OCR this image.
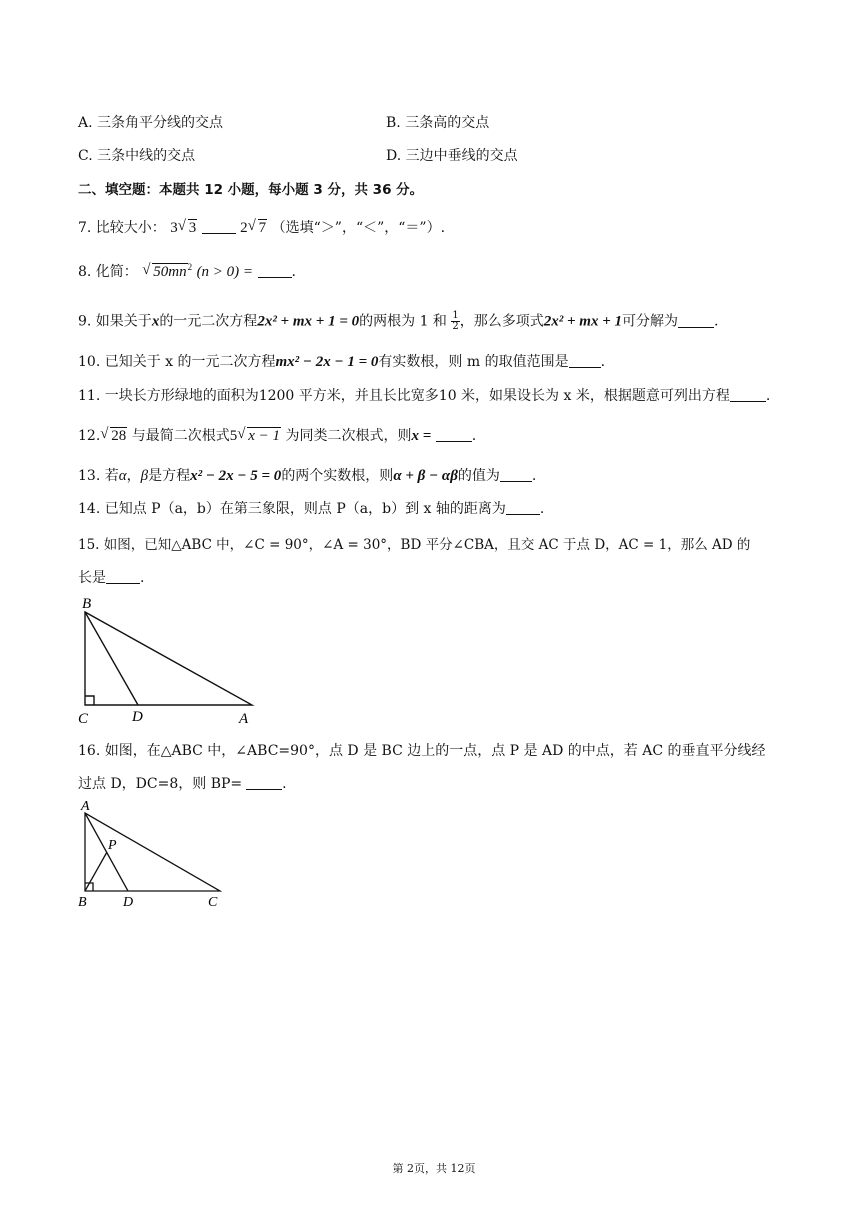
A. 三条角平分线的交点	B. 三条高的交点
C. 三条中线的交点	D. 三边中垂线的交点
二、填空题：本题共 12 小题，每小题 3 分，共 36 分。
7. 比较大小： 3 √ 3	2 √ 7 （选填“＞”，“＜”，“＝”）.
8. 化简： √ $50mn^2$ (n > 0) =	.
9. 如果关于x的一元二次方程2x² + mx + 1 = 0的两根为 1 和 $\frac{1}{2}$ ，那么多项式2x² + mx + 1可分解为	.
10. 已知关于 x 的一元二次方程mx² − 2x − 1 = 0有实数根，则 m 的取值范围是 .
11. 一块长方形绿地的面积为1200 平方米，并且长比宽多10 米，如果设长为 x 米，根据题意可列出方程	.
12. √ 28 与最简二次根式5 √ x − 1 为同类二次根式，则x =	.
13. 若α，β是方程x² − 2x − 5 = 0的两个实数根，则α + β − αβ的值为 .
14. 已知点 P（a，b）在第三象限，则点 P（a，b）到 x 轴的距离为 .
15. 如图，已知△ABC 中，∠C = 90°，∠A = 30°，BD 平分∠CBA，且交 AC 于点 D，AC = 1，那么 AD 的
长是 .
B
C	D	A
16. 如图，在△ABC 中，∠ABC=90°，点 D 是 BC 边上的一点，点 P 是 AD 的中点，若 AC 的垂直平分线经
过点 D，DC=8，则 BP=	.
A
P
B	D	C
第 2页，共 12页
